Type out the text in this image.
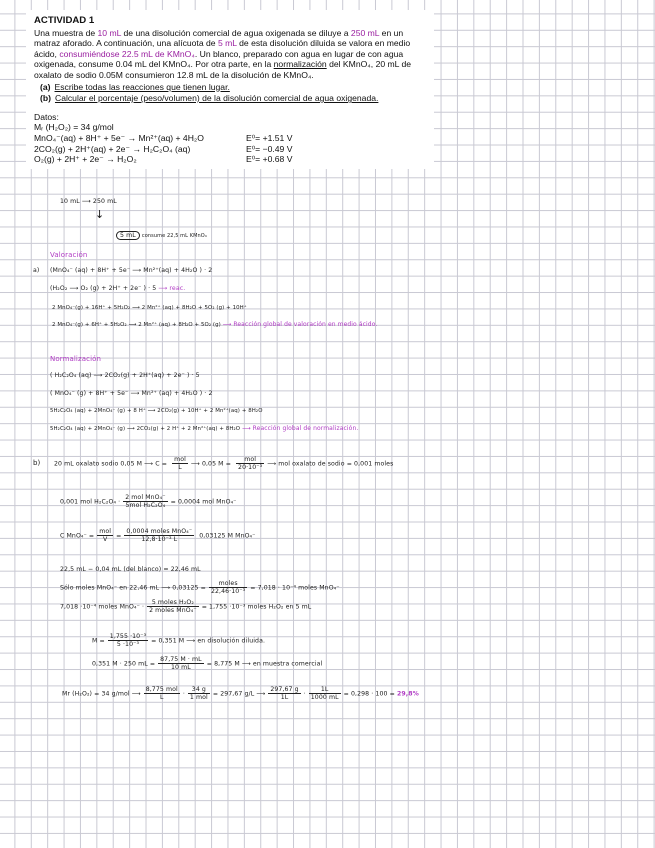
ACTIVIDAD 1

Una muestra de 10 mL de una disolución comercial de agua oxigenada se diluye a 250 mL en un matraz aforado. A continuación, una alícuota de 5 mL de esta disolución diluida se valora en medio ácido, consumiéndose 22.5 mL de KMnO₄. Un blanco, preparado con agua en lugar de con agua oxigenada, consume 0.04 mL del KMnO₄. Por otra parte, en la normalización del KMnO₄, 20 mL de oxalato de sodio 0.05M consumieron 12.8 mL de la disolución de KMnO₄.

(a) Escribe todas las reacciones que tienen lugar.
(b) Calcular el porcentaje (peso/volumen) de la disolución comercial de agua oxigenada.
Datos:
Mᵣ (H₂O₂) = 34 g/mol
MnO₄⁻(aq) + 8H⁺ + 5e⁻ → Mn²⁺(aq) + 4H₂O	E⁰= +1.51 V
2CO₂(g) + 2H⁺(aq) + 2e⁻ → H₂C₂O₄ (aq)	E⁰= −0.49 V
O₂(g) + 2H⁺ + 2e⁻ → H₂O₂	E⁰= +0.68 V
10 mL ⟶ 250 mL
↓
5 mL consume 22,5 mL KMnO₄
Valoración
a) (MnO₄⁻ (aq) + 8H⁺ + 5e⁻ ⟶ Mn²⁺(aq) + 4H₂O ) · 2
(H₂O₂ ⟶ O₂ (g) + 2H⁺ + 2e⁻ ) · 5 ⟶ reac.
2 MnO₄⁻(g) + 16H⁺ + 5H₂O₂ ⟶ 2 Mn²⁺ (aq) + 8H₂O + 5O₂ (g) + 10H⁺
2 MnO₄⁻(g) + 6H⁺ + 5H₂O₂ ⟶ 2 Mn²⁺ (aq) + 8H₂O + 5O₂ (g) ⟶ Reacción global de valoración en medio ácido.
Normalización
( H₂C₂O₄ (aq) ⟶ 2CO₂(g) + 2H⁺(aq) + 2e⁻ ) · 5
( MnO₄⁻ (g) + 8H⁺ + 5e⁻ ⟶ Mn²⁺ (aq) + 4H₂O ) · 2
5H₂C₂O₄ (aq) + 2MnO₄⁻ (g) + 8 H⁺ ⟶ 2CO₂(g) + 10H⁺ + 2 Mn²⁺(aq) + 8H₂O
5H₂C₂O₄ (aq) + 2MnO₄⁻ (g) ⟶ 2CO₂(g) + 2 H⁺ + 2 Mn²⁺(aq) + 8H₂O ⟶ Reacción global de normalización.
b) 20 mL oxalato sodio 0,05 M ⟶ $C = \frac{\text{mol}}{L}$ ⟶ 0,05 $M = \frac{\text{mol}}{\text{20·10⁻³}}$ ⟶ mol oxalato de sodio = 0,001 moles
0,001 mol $H_2C_2O_4 \cdot \frac{\text{2 mol MnO₄⁻}}{\text{5mol H₂C₂O₄}} = 0,0004$ mol MnO₄⁻
C $MnO_4^- = \frac{\text{mol}}{V} = \frac{\text{0,0004 moles MnO₄⁻}}{\text{12,8·10⁻³ L}} 0,03125$ M MnO₄⁻
22,5 mL − 0,04 mL (del blanco) = 22,46 mL
Sólo moles MnO₄⁻ en 22,46 mL ⟶ $0,03125 = \frac{\text{moles}}{\text{22,46·10⁻³}} = 7,018 \cdot 10^{-4}$ moles MnO₄⁻
7,018 ·10⁻⁴ moles $MnO_4^- \cdot \frac{\text{5 moles H₂O₂}}{\text{2 moles MnO₄⁻}} = 1,755 \cdot 10^{-3}$ moles H₂O₂ en 5 mL
$M = \frac{\text{1,755 ·10⁻³}}{\text{5 ·10⁻³}} = 0,351$ M ⟶ en disolución diluida.
0,351 M · 250 mL = $\frac{87,75 M \cdot mL}{10 mL} = 8,775$ M ⟶ en muestra comercial
Mr (H₂O₂) = 34 g/mol ⟶ $\frac{\text{8,775 mol}}{L} \cdot \frac{34 g}{\text{1 mol}} = 297,67$ g/L ⟶ $\frac{297,67 g}{1L} \cdot \frac{1L}{1000 mL} = 0,298 \cdot 100 = 29,8\%$
